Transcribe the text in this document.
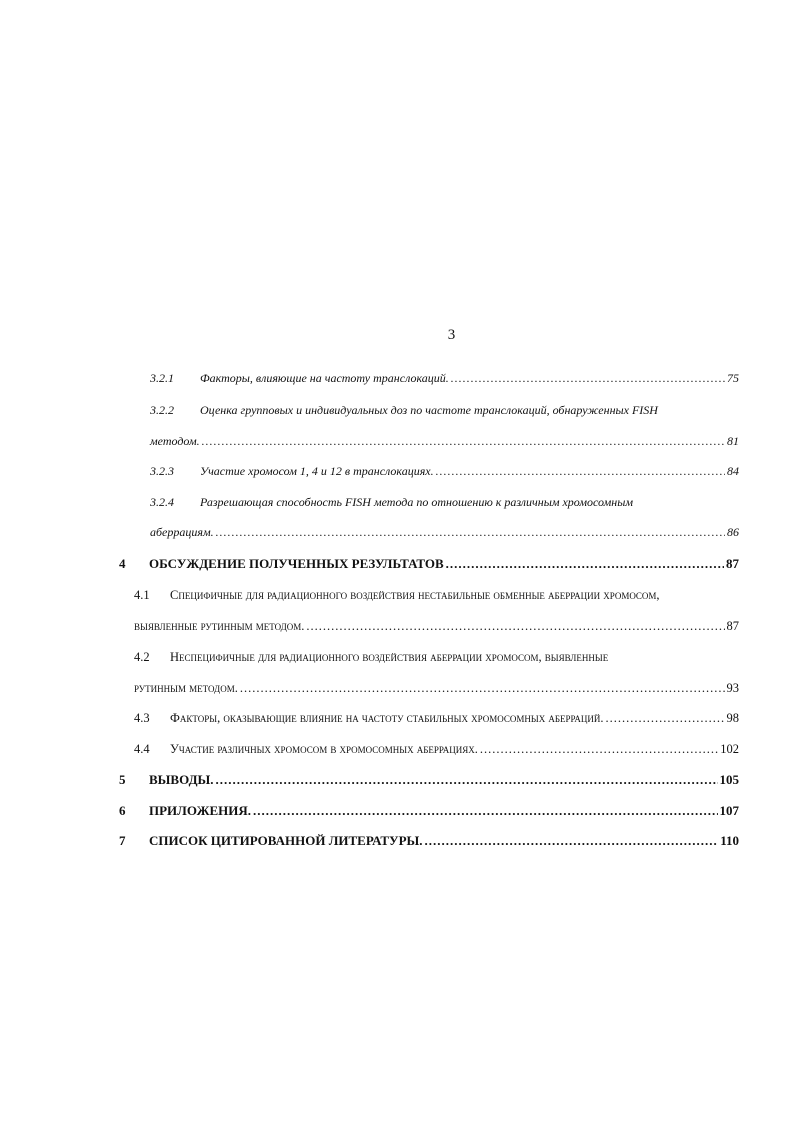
3
3.2.1	Факторы, влияющие на частоту транслокаций. .....	75
3.2.2	Оценка групповых и индивидуальных доз по частоте транслокаций, обнаруженных FISH
методом. .....	81
3.2.3	Участие хромосом 1, 4 и 12 в транслокациях. .....	84
3.2.4	Разрешающая способность FISH метода по отношению к различным хромосомным
аберрациям. .....	86
4	ОБСУЖДЕНИЕ ПОЛУЧЕННЫХ РЕЗУЛЬТАТОВ .....	87
4.1	Специфичные для радиационного воздействия нестабильные обменные аберрации хромосом,
выявленные рутинным методом. .....	87
4.2	Неспецифичные для радиационного воздействия аберрации хромосом, выявленные
рутинным методом. .....	93
4.3	Факторы, оказывающие влияние на частоту стабильных хромосомных аберраций. .....	98
4.4	Участие различных хромосом в хромосомных аберрациях. .....	102
5	ВЫВОДЫ. .....	105
6	ПРИЛОЖЕНИЯ. .....	107
7	СПИСОК ЦИТИРОВАННОЙ ЛИТЕРАТУРЫ. .....	110
